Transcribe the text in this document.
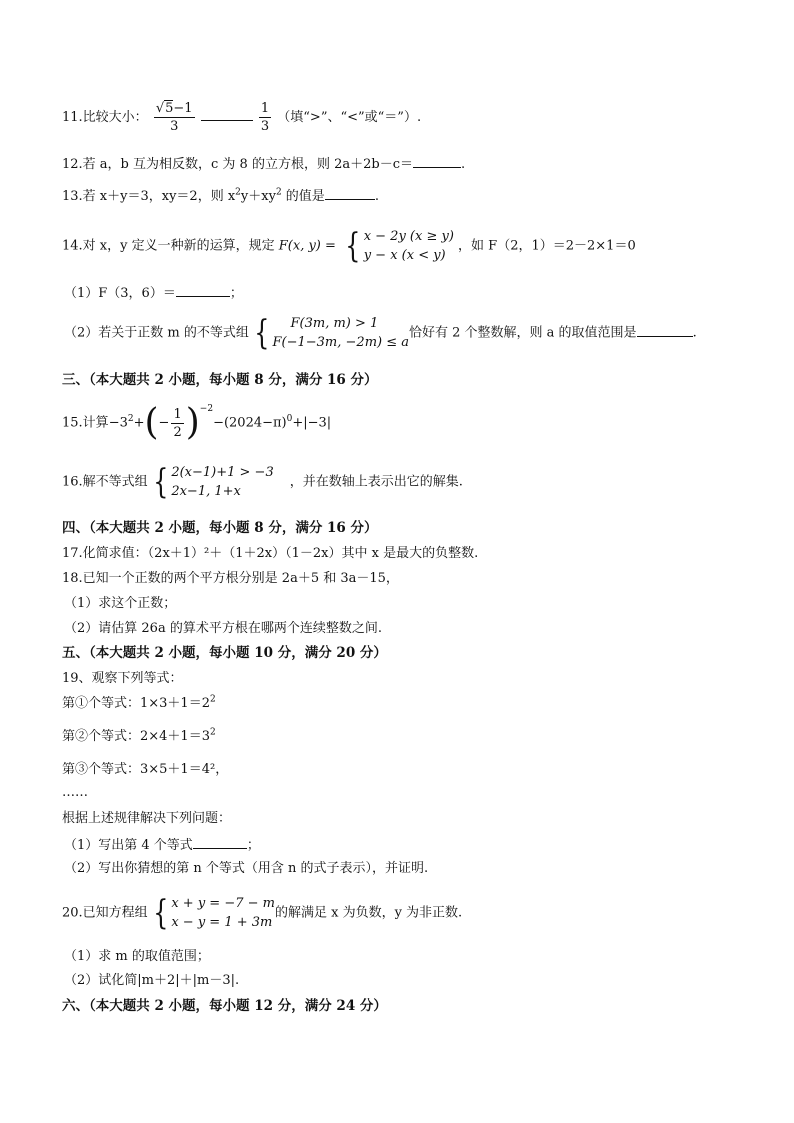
11.比较大小： $\frac{√5-1}{3}$
	$\frac{1}{3}$ （填“>”、“<”或“＝”）.
12.若 a，b 互为相反数，c 为 8 的立方根，则 2a＋2b－c＝	.
13.若 x＋y＝3，xy＝2，则 $x^2y+xy^2$ 的值是	.
14.对 x，y 定义一种新的运算，规定 F(x, y) = { x − 2y (x ≥ y)
y − x (x < y)
，如 F（2，1）＝2－2×1＝0
（1）F（3，6）＝	；
（2）若关于正数 m 的不等式组 {	F(3m, m) > 1
F(−1−3m, −2m) ≤ a
恰好有 2 个整数解，则 a 的取值范围是	.
三、（本大题共 2 小题，每小题 8 分，满分 16 分）
15.计算$-3^2+(- \frac{1}{2} )^{-2}-(2024-\pi)^0+|-3|$
16.解不等式组 { 2(x−1)+1 > −3
2x−1, 1+x
，并在数轴上表示出它的解集.
四、（本大题共 2 小题，每小题 8 分，满分 16 分）
17.化简求值：（2x＋1）²＋（1＋2x）（1－2x）其中 x 是最大的负整数.
18.已知一个正数的两个平方根分别是 2a＋5 和 3a－15，
（1）求这个正数；
（2）请估算 26a 的算术平方根在哪两个连续整数之间.
五、（本大题共 2 小题，每小题 10 分，满分 20 分）
19、观察下列等式：
第①个等式：$1\times 3+1=2^2$
第②个等式：$2\times 4+1=3^2$
第③个等式：3×5＋1＝4²，
……
根据上述规律解决下列问题：
（1）写出第 4 个等式	；
（2）写出你猜想的第 n 个等式（用含 n 的式子表示），并证明.
20.已知方程组 { x + y = −7 − m
x − y = 1 + 3m
的解满足 x 为负数，y 为非正数.
（1）求 m 的取值范围；
（2）试化简|m＋2|＋|m－3|.
六、（本大题共 2 小题，每小题 12 分，满分 24 分）
